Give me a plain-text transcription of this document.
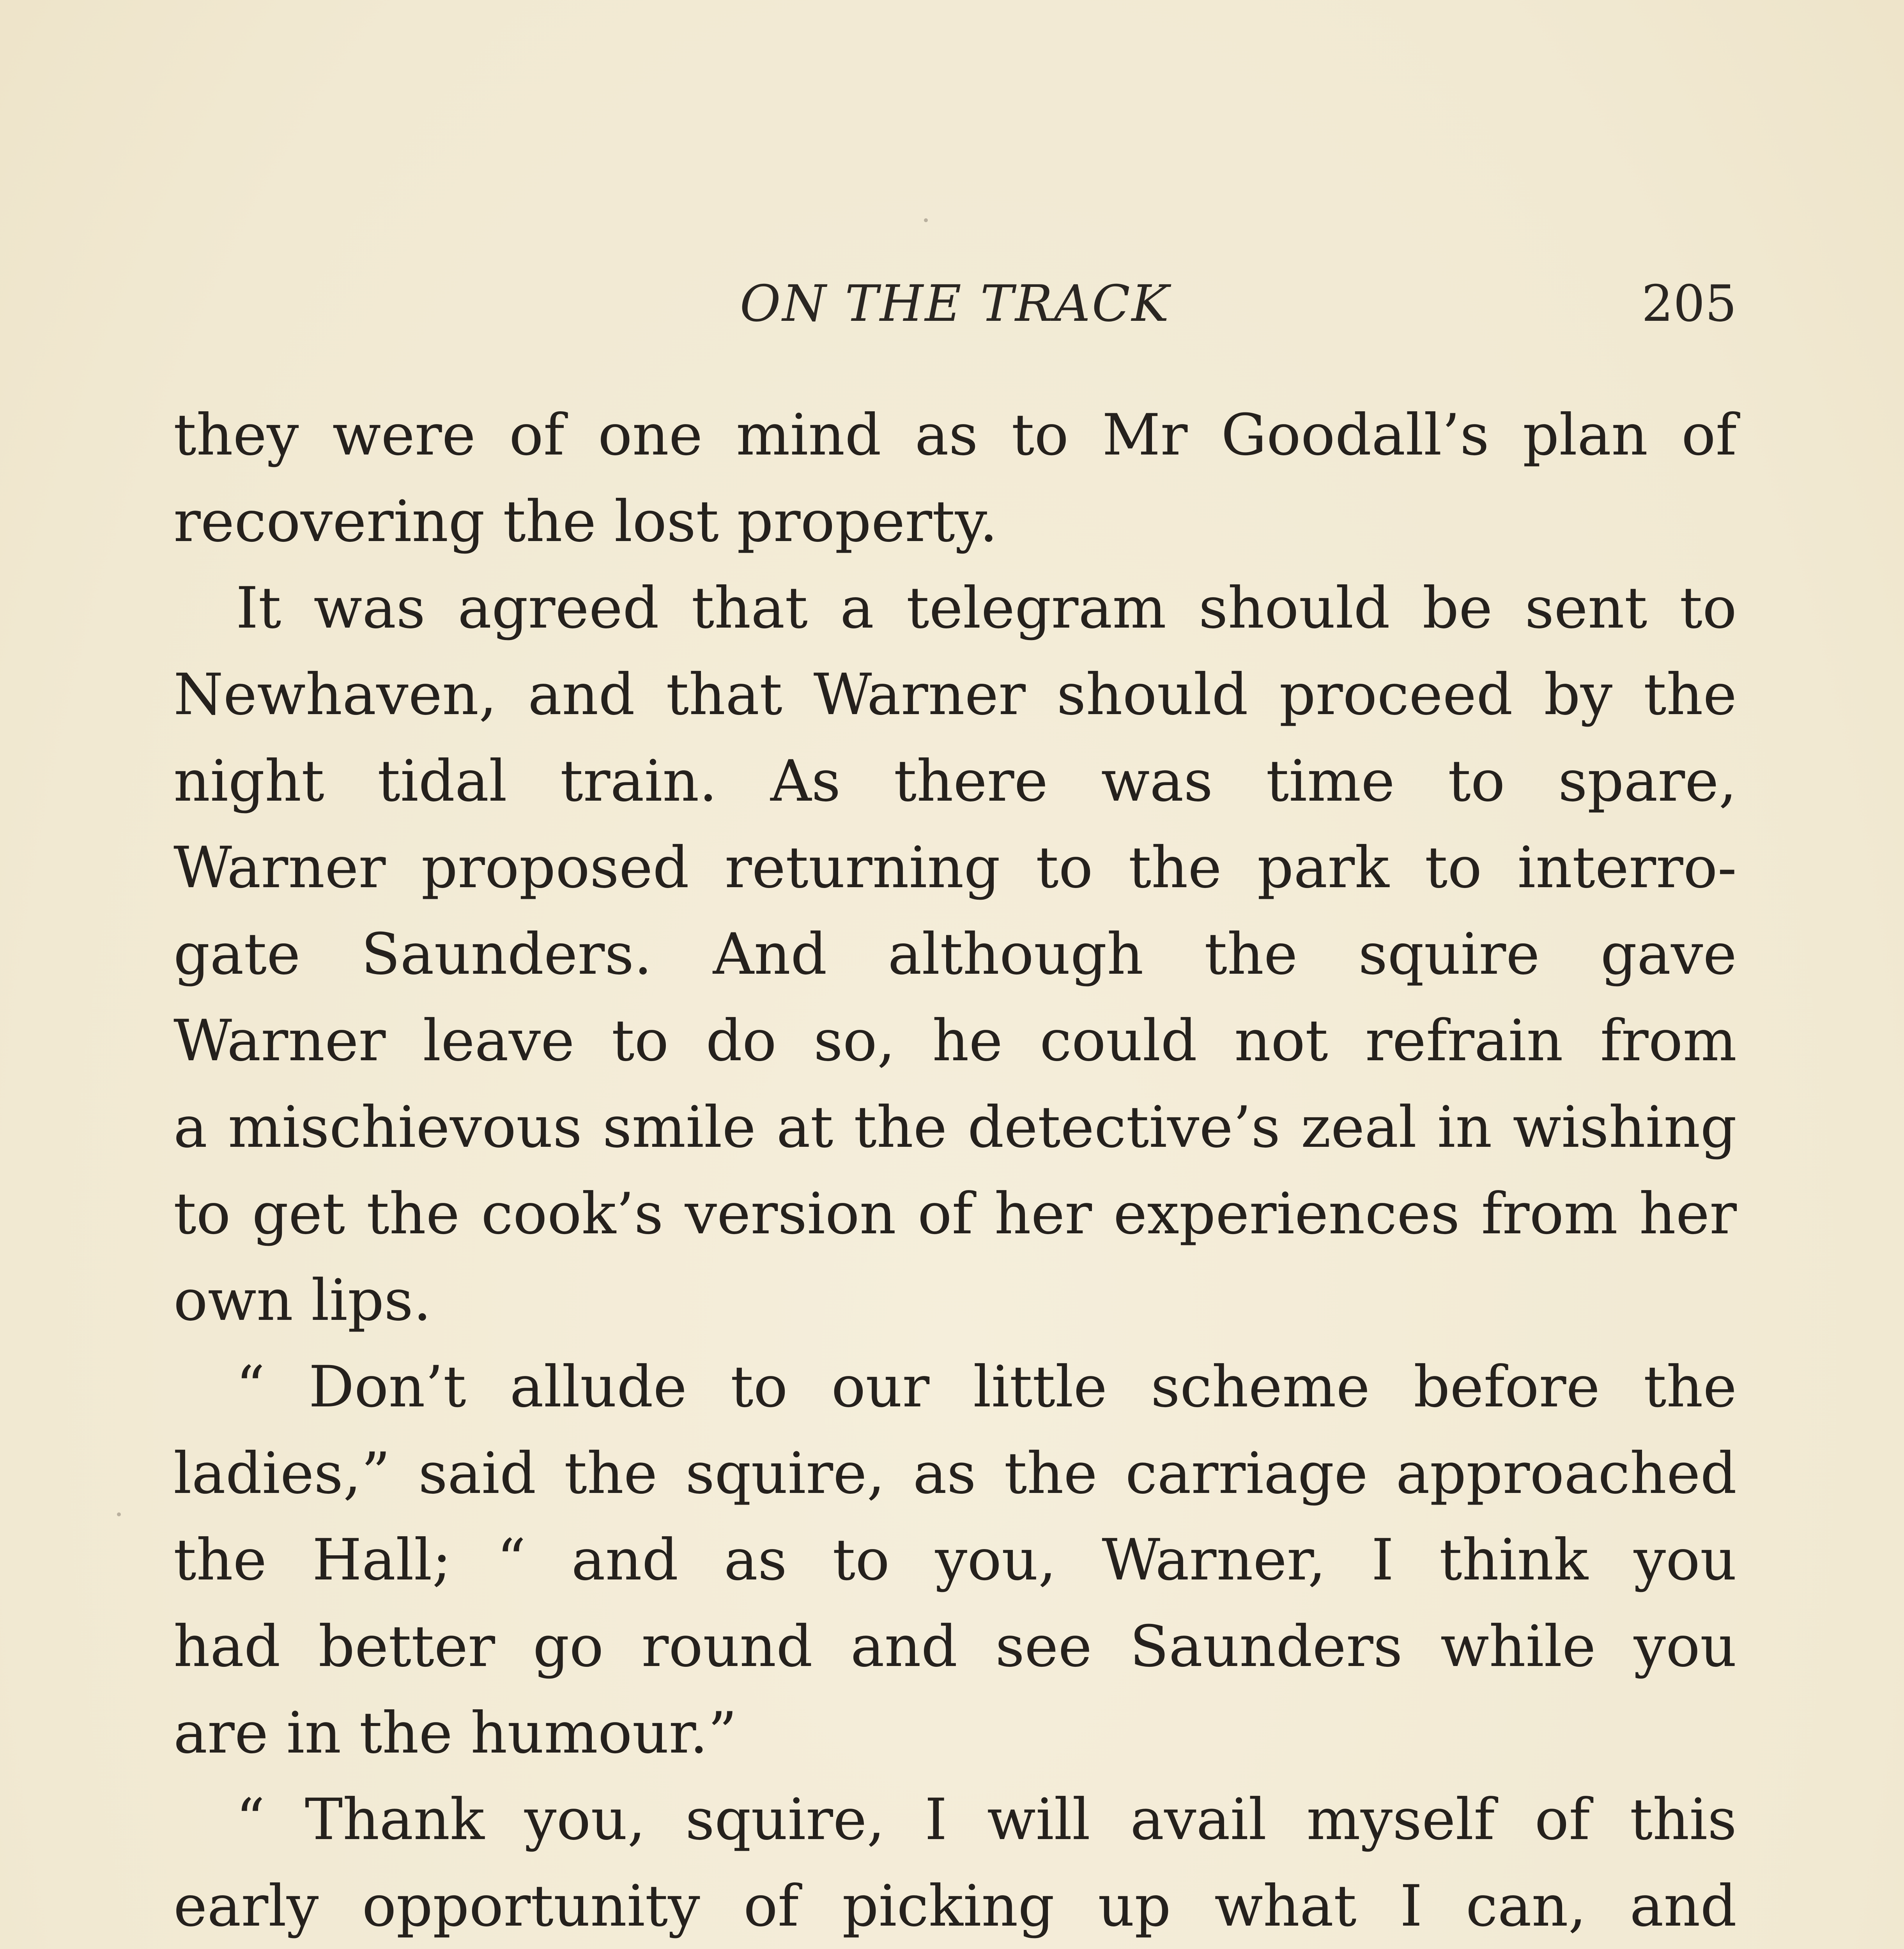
ON THE TRACK	205
they were of one mind as to Mr Goodall’s plan of
recovering the lost property.
It was agreed that a telegram should be sent to
Newhaven, and that Warner should proceed by the
night tidal train. As there was time to spare,
Warner proposed returning to the park to interro-
gate Saunders. And although the squire gave
Warner leave to do so, he could not refrain from
a mischievous smile at the detective’s zeal in wishing
to get the cook’s version of her experiences from her
own lips.
“ Don’t allude to our little scheme before the
ladies,” said the squire, as the carriage approached
the Hall; “ and as to you, Warner, I think you
had better go round and see Saunders while you
are in the humour.”
“ Thank you, squire, I will avail myself of this
early opportunity of picking up what I can, and
